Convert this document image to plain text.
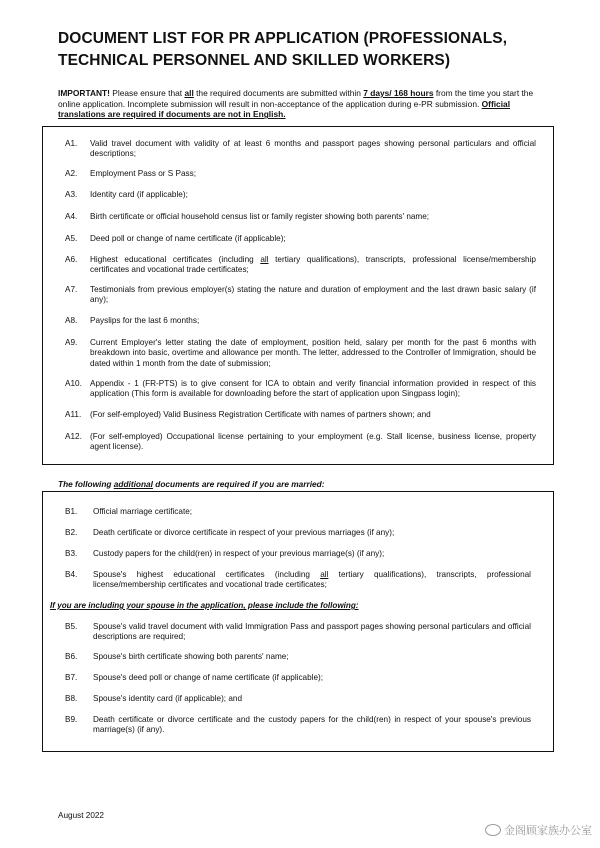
DOCUMENT LIST FOR PR APPLICATION (PROFESSIONALS,
TECHNICAL PERSONNEL AND SKILLED WORKERS)
IMPORTANT! Please ensure that all the required documents are submitted within 7 days/ 168 hours from the time you start the online application. Incomplete submission will result in non-acceptance of the application during e-PR submission. Official translations are required if documents are not in English.
A1. Valid travel document with validity of at least 6 months and passport pages showing personal particulars and official descriptions;
A2. Employment Pass or S Pass;
A3. Identity card (if applicable);
A4. Birth certificate or official household census list or family register showing both parents' name;
A5. Deed poll or change of name certificate (if applicable);
A6. Highest educational certificates (including all tertiary qualifications), transcripts, professional license/membership certificates and vocational trade certificates;
A7. Testimonials from previous employer(s) stating the nature and duration of employment and the last drawn basic salary (if any);
A8. Payslips for the last 6 months;
A9. Current Employer's letter stating the date of employment, position held, salary per month for the past 6 months with breakdown into basic, overtime and allowance per month. The letter, addressed to the Controller of Immigration, should be dated within 1 month from the date of submission;
A10. Appendix - 1 (FR-PTS) is to give consent for ICA to obtain and verify financial information provided in respect of this application (This form is available for downloading before the start of application upon Singpass login);
A11. (For self-employed) Valid Business Registration Certificate with names of partners shown; and
A12. (For self-employed) Occupational license pertaining to your employment (e.g. Stall license, business license, property agent license).
The following additional documents are required if you are married:
B1. Official marriage certificate;
B2. Death certificate or divorce certificate in respect of your previous marriages (if any);
B3. Custody papers for the child(ren) in respect of your previous marriage(s) (if any);
B4. Spouse's highest educational certificates (including all tertiary qualifications), transcripts, professional license/membership certificates and vocational trade certificates;
If you are including your spouse in the application, please include the following:
B5. Spouse's valid travel document with valid Immigration Pass and passport pages showing personal particulars and official descriptions are required;
B6. Spouse's birth certificate showing both parents' name;
B7. Spouse's deed poll or change of name certificate (if applicable);
B8. Spouse's identity card (if applicable); and
B9. Death certificate or divorce certificate and the custody papers for the child(ren) in respect of your spouse's previous marriage(s) (if any).
August 2022
金阁顾家族办公室
